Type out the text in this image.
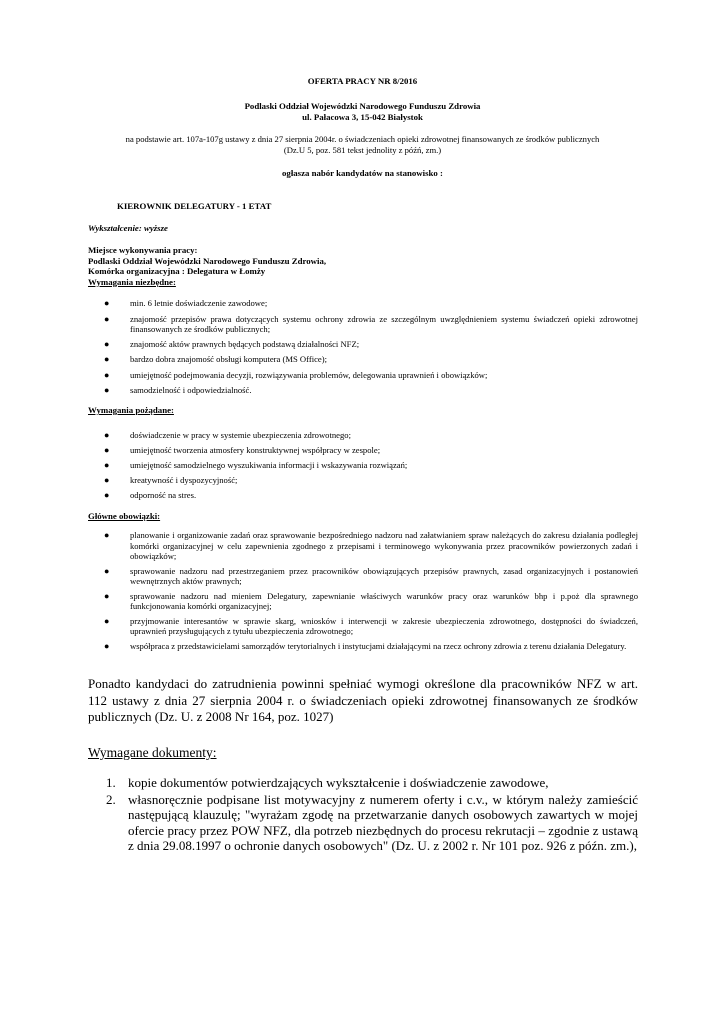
OFERTA PRACY NR 8/2016
Podlaski Oddział Wojewódzki Narodowego Funduszu Zdrowia
ul. Pałacowa 3, 15-042 Białystok
na podstawie art. 107a-107g ustawy z dnia 27 sierpnia 2004r. o świadczeniach opieki zdrowotnej finansowanych ze środków publicznych
(Dz.U 5, poz. 581 tekst jednolity z późń, zm.)
ogłasza nabór kandydatów na stanowisko :
KIEROWNIK DELEGATURY - 1 ETAT
Wykształcenie: wyższe
Miejsce wykonywania pracy:
Podlaski Oddział Wojewódzki Narodowego Funduszu Zdrowia,
Komórka organizacyjna : Delegatura w Łomży
Wymagania niezbędne:
● min. 6 letnie doświadczenie zawodowe;
● znajomość przepisów prawa dotyczących systemu ochrony zdrowia ze szczególnym uwzględnieniem systemu świadczeń opieki zdrowotnej finansowanych ze środków publicznych;
● znajomość aktów prawnych będących podstawą działalności NFZ;
● bardzo dobra znajomość obsługi komputera (MS Office);
● umiejętność podejmowania decyzji, rozwiązywania problemów, delegowania uprawnień i obowiązków;
● samodzielność i odpowiedzialność.
Wymagania pożądane:
● doświadczenie w pracy w systemie ubezpieczenia zdrowotnego;
● umiejętność tworzenia atmosfery konstruktywnej współpracy w zespole;
● umiejętność samodzielnego wyszukiwania informacji i wskazywania rozwiązań;
● kreatywność i dyspozycyjność;
● odporność na stres.
Główne obowiązki:
● planowanie i organizowanie zadań oraz sprawowanie bezpośredniego nadzoru nad załatwianiem spraw należących do zakresu działania podległej komórki organizacyjnej w celu zapewnienia zgodnego z przepisami i terminowego wykonywania przez pracowników powierzonych zadań i obowiązków;
● sprawowanie nadzoru nad przestrzeganiem przez pracowników obowiązujących przepisów prawnych, zasad organizacyjnych i postanowień wewnętrznych aktów prawnych;
● sprawowanie nadzoru nad mieniem Delegatury, zapewnianie właściwych warunków pracy oraz warunków bhp i p.poż dla sprawnego funkcjonowania komórki organizacyjnej;
● przyjmowanie interesantów w sprawie skarg, wniosków i interwencji w zakresie ubezpieczenia zdrowotnego, dostępności do świadczeń, uprawnień przysługujących z tytułu ubezpieczenia zdrowotnego;
● współpraca z przedstawicielami samorządów terytorialnych i instytucjami działającymi na rzecz ochrony zdrowia z terenu działania Delegatury.
Ponadto kandydaci do zatrudnienia powinni spełniać wymogi określone dla pracowników NFZ w art. 112 ustawy z dnia 27 sierpnia 2004 r. o świadczeniach opieki zdrowotnej finansowanych ze środków publicznych (Dz. U. z 2008 Nr 164, poz. 1027)
Wymagane dokumenty:
1. kopie dokumentów potwierdzających wykształcenie i doświadczenie zawodowe,
2. własnoręcznie podpisane list motywacyjny z numerem oferty i c.v., w którym należy zamieścić następującą klauzulę; "wyrażam zgodę na przetwarzanie danych osobowych zawartych w mojej ofercie pracy przez POW NFZ, dla potrzeb niezbędnych do procesu rekrutacji – zgodnie z ustawą z dnia 29.08.1997 o ochronie danych osobowych" (Dz. U. z 2002 r. Nr 101 poz. 926 z późn. zm.),
